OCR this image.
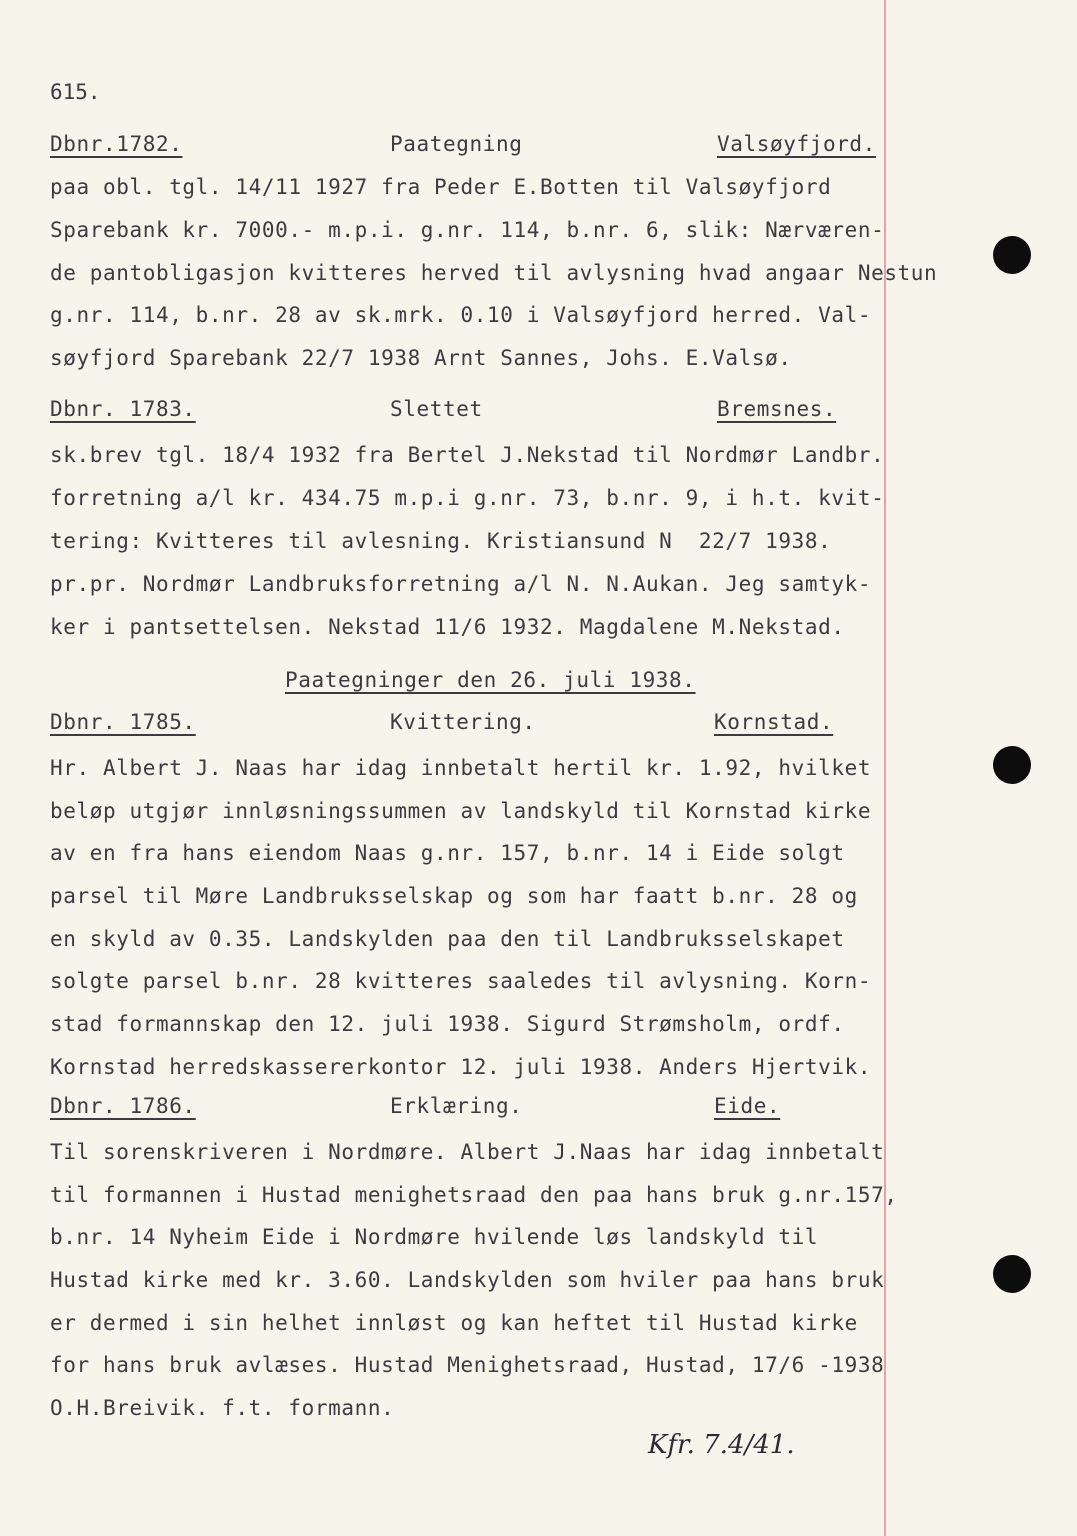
615.
Dbnr.1782.	Paategning	Valsøyfjord.
paa obl. tgl. 14/11 1927 fra Peder E.Botten til Valsøyfjord
Sparebank kr. 7000.- m.p.i. g.nr. 114, b.nr. 6, slik: Nærværen-
de pantobligasjon kvitteres herved til avlysning hvad angaar Nestun
g.nr. 114, b.nr. 28 av sk.mrk. 0.10 i Valsøyfjord herred. Val-
søyfjord Sparebank 22/7 1938 Arnt Sannes, Johs. E.Valsø.
Dbnr. 1783.	Slettet	Bremsnes.
sk.brev tgl. 18/4 1932 fra Bertel J.Nekstad til Nordmør Landbr.
forretning a/l kr. 434.75 m.p.i g.nr. 73, b.nr. 9, i h.t. kvit-
tering: Kvitteres til avlesning. Kristiansund N  22/7 1938.
pr.pr. Nordmør Landbruksforretning a/l N. N.Aukan. Jeg samtyk-
ker i pantsettelsen. Nekstad 11/6 1932. Magdalene M.Nekstad.
Paategninger den 26. juli 1938.
Dbnr. 1785.	Kvittering.	Kornstad.
Hr. Albert J. Naas har idag innbetalt hertil kr. 1.92, hvilket
beløp utgjør innløsningssummen av landskyld til Kornstad kirke
av en fra hans eiendom Naas g.nr. 157, b.nr. 14 i Eide solgt
parsel til Møre Landbruksselskap og som har faatt b.nr. 28 og
en skyld av 0.35. Landskylden paa den til Landbruksselskapet
solgte parsel b.nr. 28 kvitteres saaledes til avlysning. Korn-
stad formannskap den 12. juli 1938. Sigurd Strømsholm, ordf.
Kornstad herredskassererkontor 12. juli 1938. Anders Hjertvik.
Dbnr. 1786.	Erklæring.	Eide.
Til sorenskriveren i Nordmøre. Albert J.Naas har idag innbetalt
til formannen i Hustad menighetsraad den paa hans bruk g.nr.157,
b.nr. 14 Nyheim Eide i Nordmøre hvilende løs landskyld til
Hustad kirke med kr. 3.60. Landskylden som hviler paa hans bruk
er dermed i sin helhet innløst og kan heftet til Hustad kirke
for hans bruk avlæses. Hustad Menighetsraad, Hustad, 17/6 -1938
O.H.Breivik. f.t. formann.
Kfr. 7.4/41.
